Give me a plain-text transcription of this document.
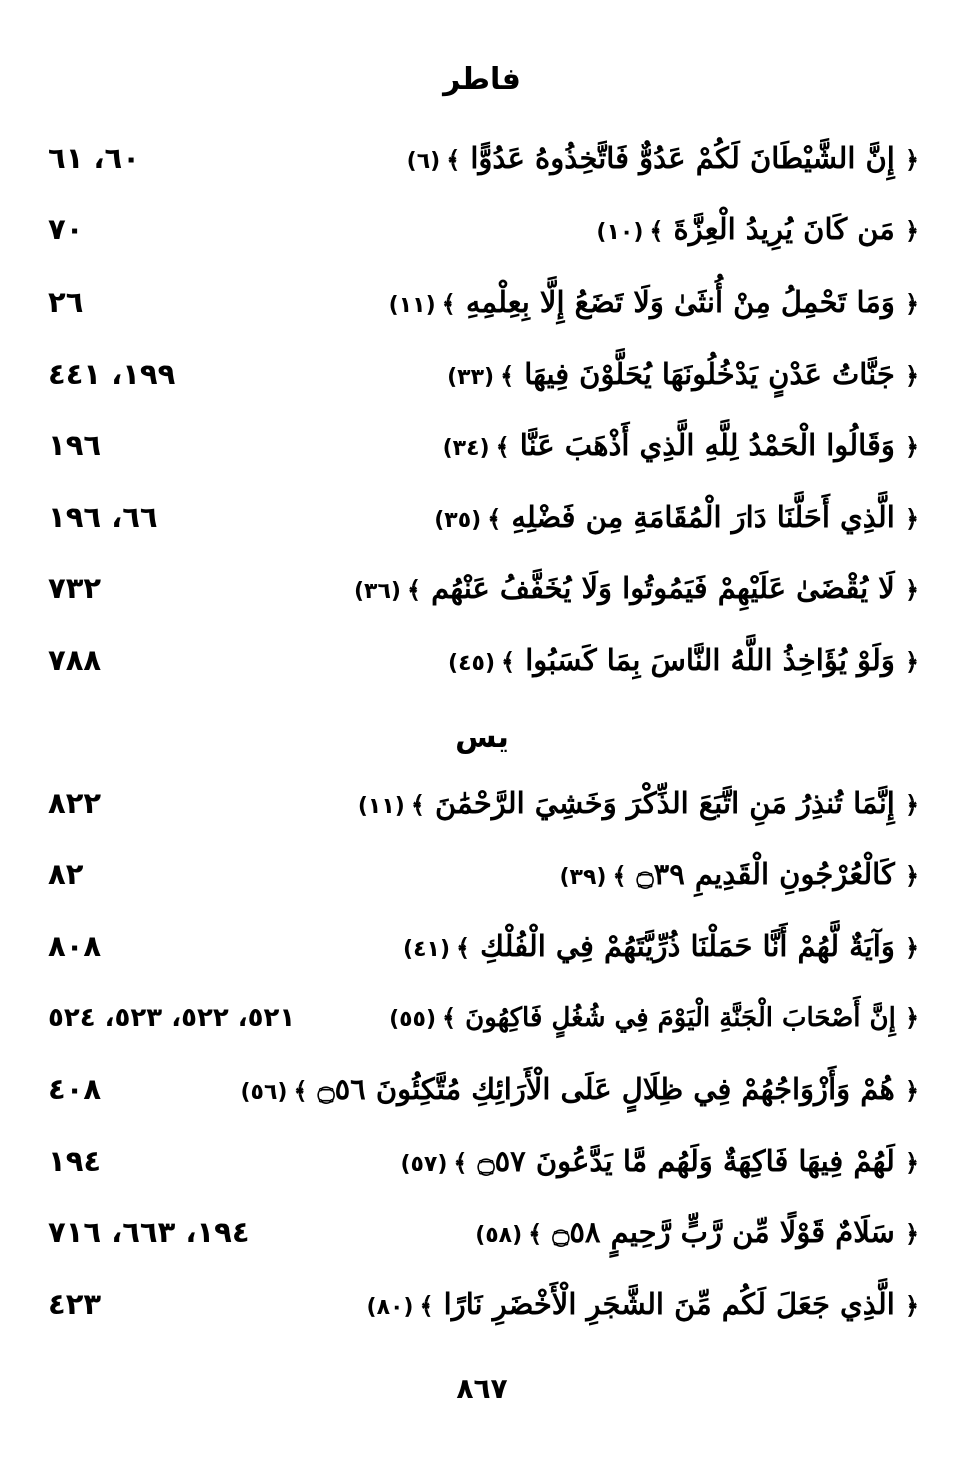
فاطر
﴿ إِنَّ الشَّيْطَانَ لَكُمْ عَدُوٌّ فَاتَّخِذُوهُ عَدُوًّا ﴾(٦)
٦٠، ٦١
﴿ مَن كَانَ يُرِيدُ الْعِزَّةَ ﴾(١٠)
٧٠
﴿ وَمَا تَحْمِلُ مِنْ أُنثَىٰ وَلَا تَضَعُ إِلَّا بِعِلْمِهِ ﴾(١١)
٢٦
﴿ جَنَّاتُ عَدْنٍ يَدْخُلُونَهَا يُحَلَّوْنَ فِيهَا ﴾(٣٣)
١٩٩، ٤٤١
﴿ وَقَالُوا الْحَمْدُ لِلَّهِ الَّذِي أَذْهَبَ عَنَّا ﴾(٣٤)
١٩٦
﴿ الَّذِي أَحَلَّنَا دَارَ الْمُقَامَةِ مِن فَضْلِهِ ﴾(٣٥)
٦٦، ١٩٦
﴿ لَا يُقْضَىٰ عَلَيْهِمْ فَيَمُوتُوا وَلَا يُخَفَّفُ عَنْهُم ﴾(٣٦)
٧٣٢
﴿ وَلَوْ يُؤَاخِذُ اللَّهُ النَّاسَ بِمَا كَسَبُوا ﴾(٤٥)
٧٨٨
يس
﴿ إِنَّمَا تُنذِرُ مَنِ اتَّبَعَ الذِّكْرَ وَخَشِيَ الرَّحْمَٰنَ ﴾(١١)
٨٢٢
﴿ كَالْعُرْجُونِ الْقَدِيمِ ۝٣٩ ﴾(٣٩)
٨٢
﴿ وَآيَةٌ لَّهُمْ أَنَّا حَمَلْنَا ذُرِّيَّتَهُمْ فِي الْفُلْكِ ﴾(٤١)
٨٠٨
﴿ إِنَّ أَصْحَابَ الْجَنَّةِ الْيَوْمَ فِي شُغُلٍ فَاكِهُونَ ﴾(٥٥)
٥٢١، ٥٢٢، ٥٢٣، ٥٢٤
﴿ هُمْ وَأَزْوَاجُهُمْ فِي ظِلَالٍ عَلَى الْأَرَائِكِ مُتَّكِئُونَ ۝٥٦ ﴾(٥٦)
٤٠٨
﴿ لَهُمْ فِيهَا فَاكِهَةٌ وَلَهُم مَّا يَدَّعُونَ ۝٥٧ ﴾(٥٧)
١٩٤
﴿ سَلَامٌ قَوْلًا مِّن رَّبٍّ رَّحِيمٍ ۝٥٨ ﴾(٥٨)
١٩٤، ٦٦٣، ٧١٦
﴿ الَّذِي جَعَلَ لَكُم مِّنَ الشَّجَرِ الْأَخْضَرِ نَارًا ﴾(٨٠)
٤٢٣
٨٦٧
